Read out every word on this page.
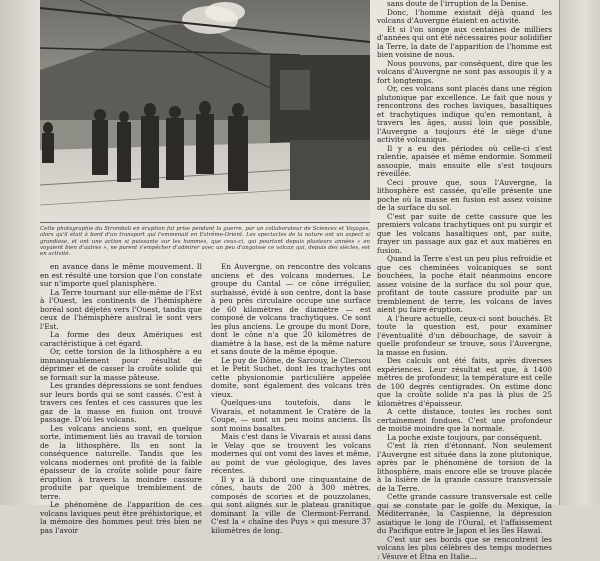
Cette photographie du Stromboli en éruption fut prise pendant la guerre, par un collaborateur de Sciences et Voyages, alors qu'il était à bord d'un transport qui l'emmenait en Extrême-Orient. Les spectacles de la nature ont un aspect si grandiose, et ont une action si puissante sur les hommes, que ceux-ci, qui pourtant depuis plusieurs années « en voyaient bien d'autres », ne purent s'empêcher d'admirer avec un peu d'angoisse ce volcan qui, depuis des siècles, est en activité.

en avance dans le même mouvement. Il en est résulté une torsion que l'on constate sur n'importe quel planisphère.

La Terre tournant sur elle-même de l'Est à l'Ouest, les continents de l'hémisphère boréal sont déjetés vers l'Ouest, tandis que ceux de l'hémisphère austral le sont vers l'Est.

La forme des deux Amériques est caractéristique à cet égard.

Or, cette torsion de la lithosphère a eu immanquablement pour résultat de déprimer et de casser la croûte solide qui se formait sur la masse pâteuse.

Les grandes dépressions se sont fendues sur leurs bords qui se sont cassés. C'est à travers ces fentes et ces cassures que les gaz de la masse en fusion ont trouvé passage. D'où les volcans.

Les volcans anciens sont, en quelque sorte, intimement liés au travail de torsion de la lithosphère. Ils en sont la conséquence naturelle. Tandis que les volcans modernes ont profité de la faible épaisseur de la croûte solide pour faire éruption à travers la moindre cassure produite par quelque tremblement de terre.

Le phénomène de l'apparition de ces volcans laviques peut être préhistorique, et la mémoire des hommes peut très bien ne pas l'avoir

En Auvergne, on rencontre des volcans anciens et des volcans modernes. Le groupe du Cantal — ce cône irrégulier, surbaissé, évidé à son centre, dont la base à peu près circulaire occupe une surface de 60 kilomètres de diamètre — est composé de volcans trachytiques. Ce sont les plus anciens. Le groupe du mont Dore, dont le cône n'a que 20 kilomètres de diamètre à la base, est de la même nature et sans doute de la même époque.

Le puy de Dôme, de Sarcouy, le Cliersou et le Petit Suchet, dont les trachytes ont cette physionomie particulière appelée domite, sont également des volcans très vieux.

Quelques-uns toutefois, dans le Vivarais, et notamment le Cratère de la Coupe, — sont un peu moins anciens. Ils sont moins basaltes.

Mais c'est dans le Vivarais et aussi dans le Velay que se trouvent les volcans modernes qui ont vomi des laves et même, au point de vue géologique, des laves récentes.

Il y a là dubord une cinquantaine de cônes, hauts de 200 à 300 mètres, composés de scories et de pouzzolanes, qui sont alignés sur le plateau granitique dominant la ville de Clermont-Ferrand. C'est la « chaîne des Puys » qui mesure 37 kilomètres de long.

sans doute de l'irruption de la Denise.

Donc, l'homme existait déjà quand les volcans d'Auvergne étaient en activité.

Et si l'on songe aux centaines de milliers d'années qui ont été nécessaires pour solidifier la Terre, la date de l'apparition de l'homme est bien voisine de nous.

Nous pouvons, par conséquent, dire que les volcans d'Auvergne ne sont pas assoupis il y a fort longtemps.

Or, ces volcans sont placés dans une région plutonique par excellence. Le fait que nous y rencontrons des roches laviques, basaltiques et trachytiques indique qu'en remontant, à travers les âges, aussi loin que possible, l'Auvergne a toujours été le siège d'une activité volcanique.

Il y a eu des périodes où celle-ci s'est ralentie, apaisée et même endormie. Sommeil assoupie, mais ensuite elle s'est toujours réveillée.

Ceci prouve que, sous l'Auvergne, la lithosphère est cassée, qu'elle présente une poche où la masse en fusion est assez voisine de la surface du sol.

C'est par suite de cette cassure que les premiers volcans trachytiques ont pu surgir et que les volcans basaltiques ont, par suite, frayer un passage aux gaz et aux matières en fusion.

Quand la Terre s'est un peu plus refroidie et que ces cheminées volcaniques se sont bouchées, la poche était néanmoins encore assez voisine de la surface du sol pour que, profitant de toute cassure produite par un tremblement de terre, les volcans de laves aient pu faire éruption.

A l'heure actuelle, ceux-ci sont bouchés. Et toute la question est, pour examiner l'éventualité d'un débouchage, de savoir à quelle profondeur se trouve, sous l'Auvergne, la masse en fusion.

Des calculs ont été faits, après diverses expériences. Leur résultat est que, à 1400 mètres de profondeur, la température est celle de 100 degrés centigrades. On estime donc que la croûte solide n'a pas là plus de 25 kilomètres d'épaisseur.

A cette distance, toutes les roches sont certainement fondues. C'est une profondeur de moitié moindre que la normale.

La poche existe toujours, par conséquent.

C'est là rien d'étonnant. Non seulement l'Auvergne est située dans la zone plutonique, après par le phénomène de torsion de la lithosphère, mais encore elle se trouve placée à la lisière de la grande cassure transversale de la Terre.

Cette grande cassure transversale est celle qui se constate par le golfe du Mexique, la Méditerranée, la Caspienne, la dépression asiatique le long de l'Oural, et l'affaissement du Pacifique entre le Japon et les îles Hawaï.

C'est sur ses bords que se rencontrent les volcans les plus célèbres des temps modernes : Vésuve et Etna en Italie...
